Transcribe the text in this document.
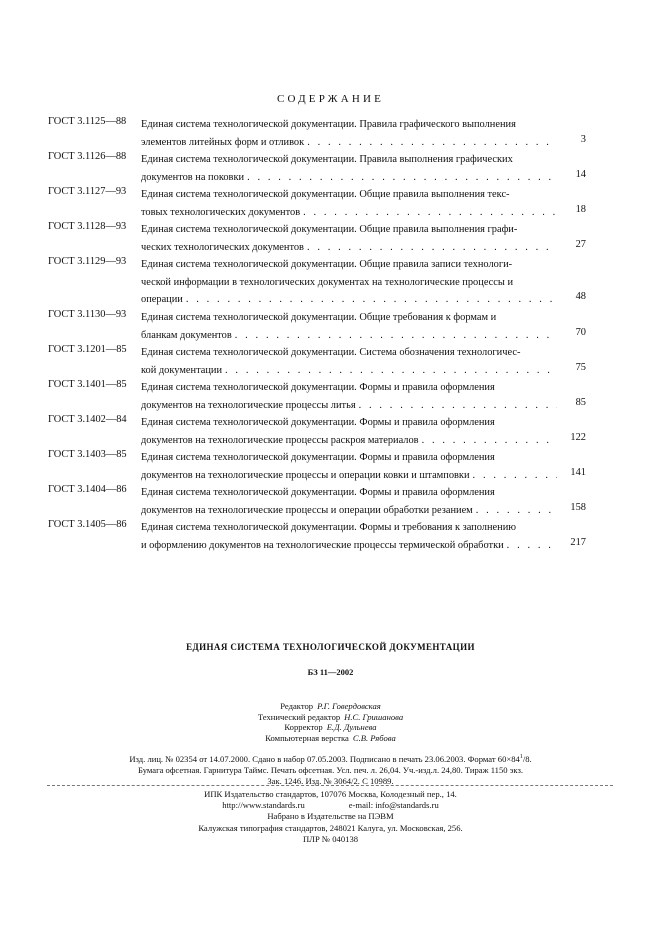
СОДЕРЖАНИЕ
ГОСТ 3.1125—88 Единая система технологической документации. Правила графического выполнения
элементов литейных форм и отливок . . .	3
ГОСТ 3.1126—88 Единая система технологической документации. Правила выполнения графических
документов на поковки . . .	14
ГОСТ 3.1127—93 Единая система технологической документации. Общие правила выполнения текс-
товых технологических документов . . .	18
ГОСТ 3.1128—93 Единая система технологической документации. Общие правила выполнения графи-
ческих технологических документов . . .	27
ГОСТ 3.1129—93 Единая система технологической документации. Общие правила записи технологи-
ческой информации в технологических документах на технологические процессы и
операции . . .	48
ГОСТ 3.1130—93 Единая система технологической документации. Общие требования к формам и
бланкам документов . . .	70
ГОСТ 3.1201—85 Единая система технологической документации. Система обозначения технологичес-
кой документации . . .	75
ГОСТ 3.1401—85 Единая система технологической документации. Формы и правила оформления
документов на технологические процессы литья . . .	85
ГОСТ 3.1402—84 Единая система технологической документации. Формы и правила оформления
документов на технологические процессы раскроя материалов . . .	122
ГОСТ 3.1403—85 Единая система технологической документации. Формы и правила оформления
документов на технологические процессы и операции ковки и штамповки . . .	141
ГОСТ 3.1404—86 Единая система технологической документации. Формы и правила оформления
документов на технологические процессы и операции обработки резанием . . .	158
ГОСТ 3.1405—86 Единая система технологической документации. Формы и требования к заполнению
и оформлению документов на технологические процессы термической обработки . . .	217
ЕДИНАЯ СИСТЕМА ТЕХНОЛОГИЧЕСКОЙ ДОКУМЕНТАЦИИ
БЗ 11—2002
Редактор Р.Г. Говердовская
Технический редактор Н.С. Гришанова
Корректор Е.Д. Дульнева
Компьютерная верстка С.В. Рябова
Изд. лиц. № 02354 от 14.07.2000. Сдано в набор 07.05.2003. Подписано в печать 23.06.2003. Формат $60\times 84^1/8$.
Бумага офсетная. Гарнитура Таймс. Печать офсетная. Усл. печ. л. 26,04. Уч.-изд.л. 24,80. Тираж 1150 экз.
Зак. 1246. Изд. № 3064/2. С 10989.
ИПК Издательство стандартов, 107076 Москва, Колодезный пер., 14.
http://www.standards.ru	e-mail: info@standards.ru
Набрано в Издательстве на ПЭВМ
Калужская типография стандартов, 248021 Калуга, ул. Московская, 256.
ПЛР № 040138
